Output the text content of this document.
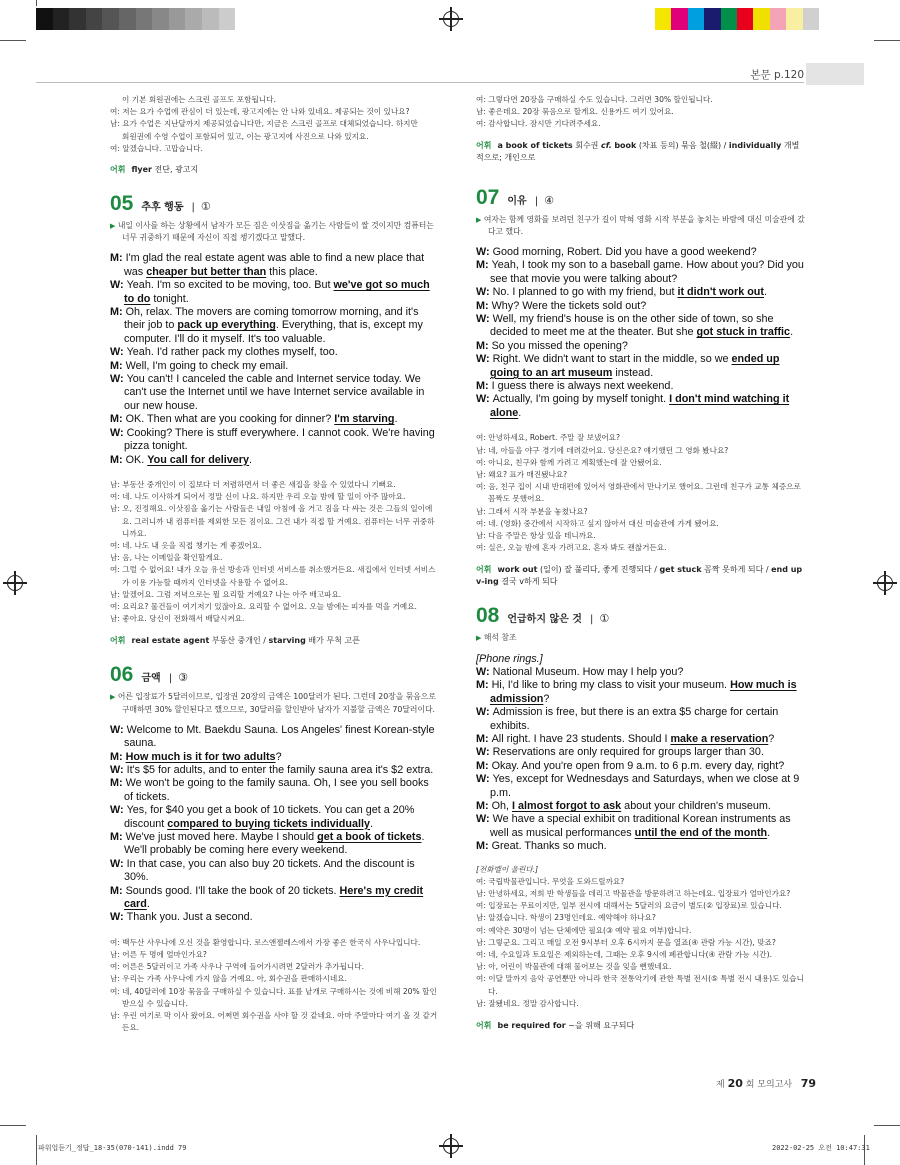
본문 p.120

이 기본 회원권에는 스크린 골프도 포함됩니다.

여: 저는 요가 수업에 관심이 더 있는데, 광고지에는 안 나와 있네요. 제공되는 것이 있나요?

남: 요가 수업은 지난달까지 제공되었습니다만, 지금은 스크린 골프로 대체되었습니다. 하지만

회원권에 수영 수업이 포함되어 있고, 이는 광고지에 사진으로 나와 있지요.

여: 알겠습니다. 고맙습니다.

어휘 flyer 전단, 광고지
05 추후 행동 | ①
▶ 내일 이사를 하는 상황에서 남자가 모든 짐은 이삿짐을 옮기는 사람들이 쌀 것이지만 컴퓨터는 너무 귀중하기 때문에 자신이 직접 챙기겠다고 말했다.

M: I'm glad the real estate agent was able to find a new place that was cheaper but better than this place.

W: Yeah. I'm so excited to be moving, too. But we've got so much to do tonight.

M: Oh, relax. The movers are coming tomorrow morning, and it's their job to pack up everything. Everything, that is, except my computer. I'll do it myself. It's too valuable.

W: Yeah. I'd rather pack my clothes myself, too.

M: Well, I'm going to check my email.

W: You can't! I canceled the cable and Internet service today. We can't use the Internet until we have Internet service available in our new house.

M: OK. Then what are you cooking for dinner? I'm starving.

W: Cooking? There is stuff everywhere. I cannot cook. We're having pizza tonight.

M: OK. You call for delivery.

남: 부동산 중개인이 이 집보다 더 저렴하면서 더 좋은 새집을 찾을 수 있었다니 기뻐요.

여: 네. 나도 이사하게 되어서 정말 신이 나요. 하지만 우리 오늘 밤에 할 일이 아주 많아요.

남: 오, 진정해요. 이삿짐을 옮기는 사람들은 내일 아침에 올 거고 짐을 다 싸는 것은 그들의 일이에요. 그러니까 내 컴퓨터를 제외한 모든 짐이요. 그건 내가 직접 할 거예요. 컴퓨터는 너무 귀중하니까요.

여: 네. 나도 내 옷을 직접 챙기는 게 좋겠어요.

남: 음, 나는 이메일을 확인할게요.

여: 그럴 수 없어요! 내가 오늘 유선 방송과 인터넷 서비스를 취소했거든요. 새집에서 인터넷 서비스가 이용 가능할 때까지 인터넷을 사용할 수 없어요.

남: 알겠어요. 그럼 저녁으로는 뭘 요리할 거예요? 나는 아주 배고파요.

여: 요리요? 물건들이 여기저기 있잖아요. 요리할 수 없어요. 오늘 밤에는 피자를 먹을 거예요.

남: 좋아요. 당신이 전화해서 배달시켜요.

어휘 real estate agent 부동산 중개인 / starving 배가 무척 고픈
06 금액 | ③
▶ 어른 입장료가 5달러이므로, 입장권 20장의 금액은 100달러가 된다. 그런데 20장을 묶음으로 구매하면 30% 할인된다고 했으므로, 30달러를 할인받아 남자가 지불할 금액은 70달러이다.

W: Welcome to Mt. Baekdu Sauna. Los Angeles' finest Korean-style sauna.

M: How much is it for two adults?

W: It's $5 for adults, and to enter the family sauna area it's $2 extra.

M: We won't be going to the family sauna. Oh, I see you sell books of tickets.

W: Yes, for $40 you get a book of 10 tickets. You can get a 20% discount compared to buying tickets individually.

M: We've just moved here. Maybe I should get a book of tickets. We'll probably be coming here every weekend.

W: In that case, you can also buy 20 tickets. And the discount is 30%.

M: Sounds good. I'll take the book of 20 tickets. Here's my credit card.

W: Thank you. Just a second.

여: 백두산 사우나에 오신 것을 환영합니다. 로스앤젤레스에서 가장 좋은 한국식 사우나입니다.

남: 어른 두 명에 얼마인가요?

여: 어른은 5달러이고 가족 사우나 구역에 들어가시려면 2달러가 추가됩니다.

남: 우리는 가족 사우나에 가지 않을 거예요. 아, 회수권을 판매하시네요.

여: 네, 40달러에 10장 묶음을 구매하실 수 있습니다. 표를 낱개로 구매하시는 것에 비해 20% 할인받으실 수 있습니다.

남: 우린 여기로 막 이사 왔어요. 어쩌면 회수권을 사야 할 것 같네요. 아마 주말마다 여기 올 것 같거든요.

여: 그렇다면 20장을 구매하실 수도 있습니다. 그러면 30% 할인됩니다.

남: 좋은데요. 20장 묶음으로 할게요. 신용카드 여기 있어요.

여: 감사합니다. 잠시만 기다려주세요.

어휘 a book of tickets 회수권 cf. book (차표 등의) 묶음 철(綴) / individually 개별적으로; 개인으로
07 이유 | ④
▶ 여자는 함께 영화를 보려던 친구가 길이 막혀 영화 시작 부분을 놓치는 바람에 대신 미술관에 갔다고 했다.

W: Good morning, Robert. Did you have a good weekend?

M: Yeah, I took my son to a baseball game. How about you? Did you see that movie you were talking about?

W: No. I planned to go with my friend, but it didn't work out.

M: Why? Were the tickets sold out?

W: Well, my friend's house is on the other side of town, so she decided to meet me at the theater. But she got stuck in traffic.

M: So you missed the opening?

W: Right. We didn't want to start in the middle, so we ended up going to an art museum instead.

M: I guess there is always next weekend.

W: Actually, I'm going by myself tonight. I don't mind watching it alone.

여: 안녕하세요, Robert. 주말 잘 보냈어요?

남: 네, 아들을 야구 경기에 데려갔어요. 당신은요? 얘기했던 그 영화 봤나요?

여: 아니요, 친구와 함께 가려고 계획했는데 잘 안됐어요.

남: 왜요? 표가 매진됐나요?

여: 음, 친구 집이 시내 반대편에 있어서 영화관에서 만나기로 했어요. 그런데 친구가 교통 체증으로 꼼짝도 못했어요.

남: 그래서 시작 부분을 놓쳤나요?

여: 네. (영화) 중간에서 시작하고 싶지 않아서 대신 미술관에 가게 됐어요.

남: 다음 주말은 항상 있을 테니까요.

여: 실은, 오늘 밤에 혼자 가려고요. 혼자 봐도 괜찮거든요.

어휘 work out (일이) 잘 풀리다, 좋게 진행되다 / get stuck 꼼짝 못하게 되다 / end up v-ing 결국 v하게 되다
08 언급하지 않은 것 | ①
▶ 해석 참조

[Phone rings.]

W: National Museum. How may I help you?

M: Hi, I'd like to bring my class to visit your museum. How much is admission?

W: Admission is free, but there is an extra $5 charge for certain exhibits.

M: All right. I have 23 students. Should I make a reservation?

W: Reservations are only required for groups larger than 30.

M: Okay. And you're open from 9 a.m. to 6 p.m. every day, right?

W: Yes, except for Wednesdays and Saturdays, when we close at 9 p.m.

M: Oh, I almost forgot to ask about your children's museum.

W: We have a special exhibit on traditional Korean instruments as well as musical performances until the end of the month.

M: Great. Thanks so much.

[전화벨이 울린다.]

여: 국립박물관입니다. 무엇을 도와드릴까요?

남: 안녕하세요, 저희 반 학생들을 데리고 박물관을 방문하려고 하는데요. 입장료가 얼마인가요?

여: 입장료는 무료이지만, 일부 전시에 대해서는 5달러의 요금이 별도(② 입장료)로 있습니다.

남: 알겠습니다. 학생이 23명인데요. 예약해야 하나요?

여: 예약은 30명이 넘는 단체에만 필요(③ 예약 필요 여부)합니다.

남: 그렇군요. 그리고 매일 오전 9시부터 오후 6시까지 문을 열죠(④ 관람 가능 시간), 맞죠?

여: 네, 수요일과 토요일은 제외하는데, 그때는 오후 9시에 폐관합니다(④ 관람 가능 시간).

남: 아, 어린이 박물관에 대해 물어보는 것을 잊을 뻔했네요.

여: 이달 말까지 음악 공연뿐만 아니라 한국 전통악기에 관한 특별 전시(⑤ 특별 전시 내용)도 있습니다.

남: 잘됐네요. 정말 감사합니다.

어휘 be required for ~을 위해 요구되다
제 20 회 모의고사 79
파워업듣기_정답_18-35(070-141).indd 79	2022-02-25 오전 10:47:31
